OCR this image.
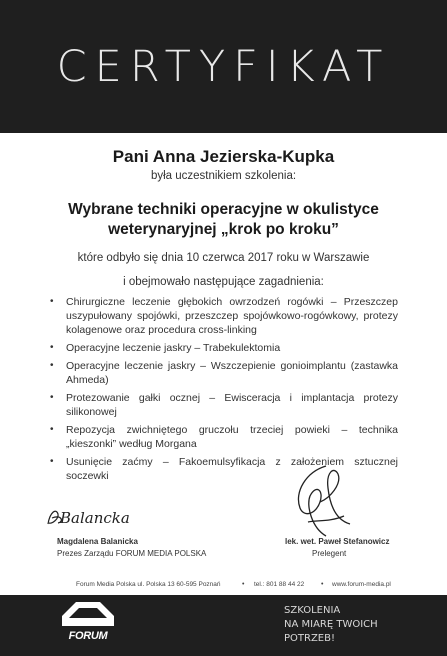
CERTYFIKAT
Pani Anna Jezierska-Kupka
była uczestnikiem szkolenia:
Wybrane techniki operacyjne w okulistyce
weterynaryjnej „krok po kroku”
które odbyło się dnia 10 czerwca 2017 roku w Warszawie
i obejmowało następujące zagadnienia:
• Chirurgiczne leczenie głębokich owrzodzeń rogówki – Przeszczep uszypułowany spojówki, przeszczep spojówkowo-rogówkowy, protezy kolagenowe oraz procedura cross-linking
• Operacyjne leczenie jaskry – Trabekulektomia
• Operacyjne leczenie jaskry – Wszczepienie gonioimplantu (zastawka Ahmeda)
• Protezowanie gałki ocznej – Ewisceracja i implantacja protezy silikonowej
• Repozycja zwichniętego gruczołu trzeciej powieki – technika „kieszonki” według Morgana
• Usunięcie zaćmy – Fakoemulsyfikacja z założeniem sztucznej soczewki
Balancka
Magdalena Balanicka
Prezes Zarządu FORUM MEDIA POLSKA
lek. wet. Paweł Stefanowicz
Prelegent
Forum Media Polska ul. Polska 13 60-595 Poznań	• tel.: 801 88 44 22 • www.forum-media.pl
FORUM
SZKOLENIA
NA MIARĘ TWOICH
POTRZEB!
